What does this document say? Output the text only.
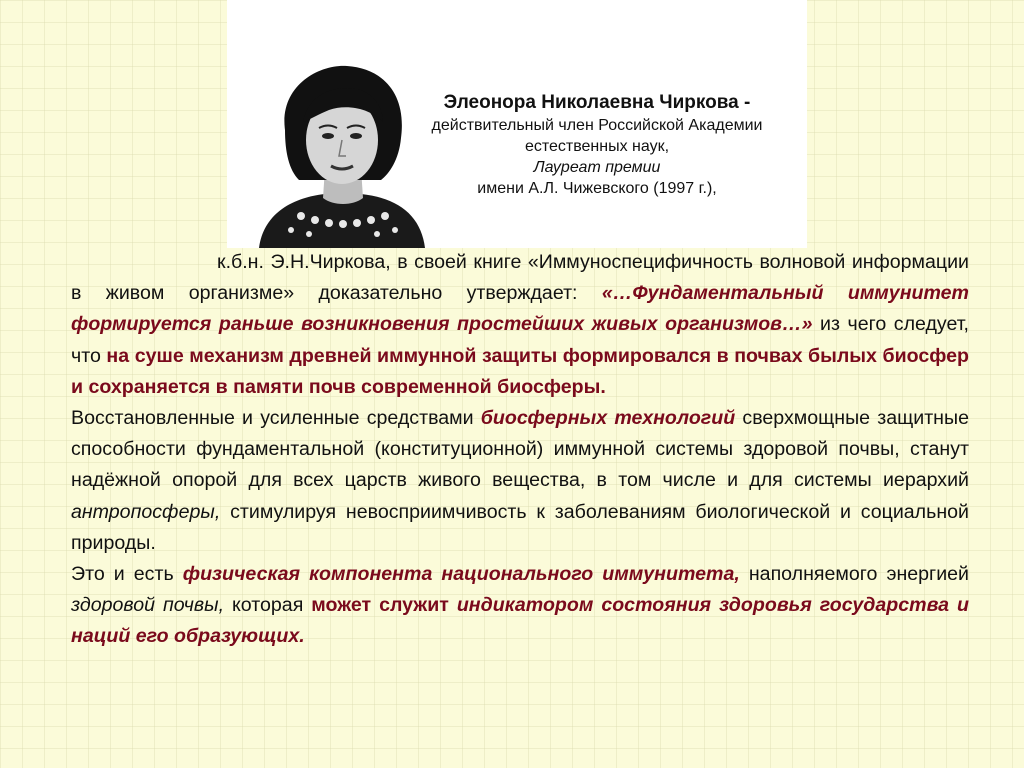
Элеонора Николаевна Чиркова -
действительный член Российской Академии
естественных наук,
Лауреат премии
имени А.Л. Чижевского (1997 г.),

к.б.н. Э.Н.Чиркова, в своей книге «Иммуноспецифичность волновой информации в живом организме» доказательно утверждает: «…Фундаментальный иммунитет формируется раньше возникновения простейших живых организмов…» из чего следует, что на суше механизм древней иммунной защиты формировался в почвах былых биосфер и сохраняется в памяти почв современной биосферы.

Восстановленные и усиленные средствами биосферных технологий сверхмощные защитные способности фундаментальной (конституционной) иммунной системы здоровой почвы, станут надёжной опорой для всех царств живого вещества, в том числе и для системы иерархий антропосферы, стимулируя невосприимчивость к заболеваниям биологической и социальной природы.

Это и есть физическая компонента национального иммунитета, наполняемого энергией здоровой почвы, которая может служит индикатором состояния здоровья государства и наций его образующих.
